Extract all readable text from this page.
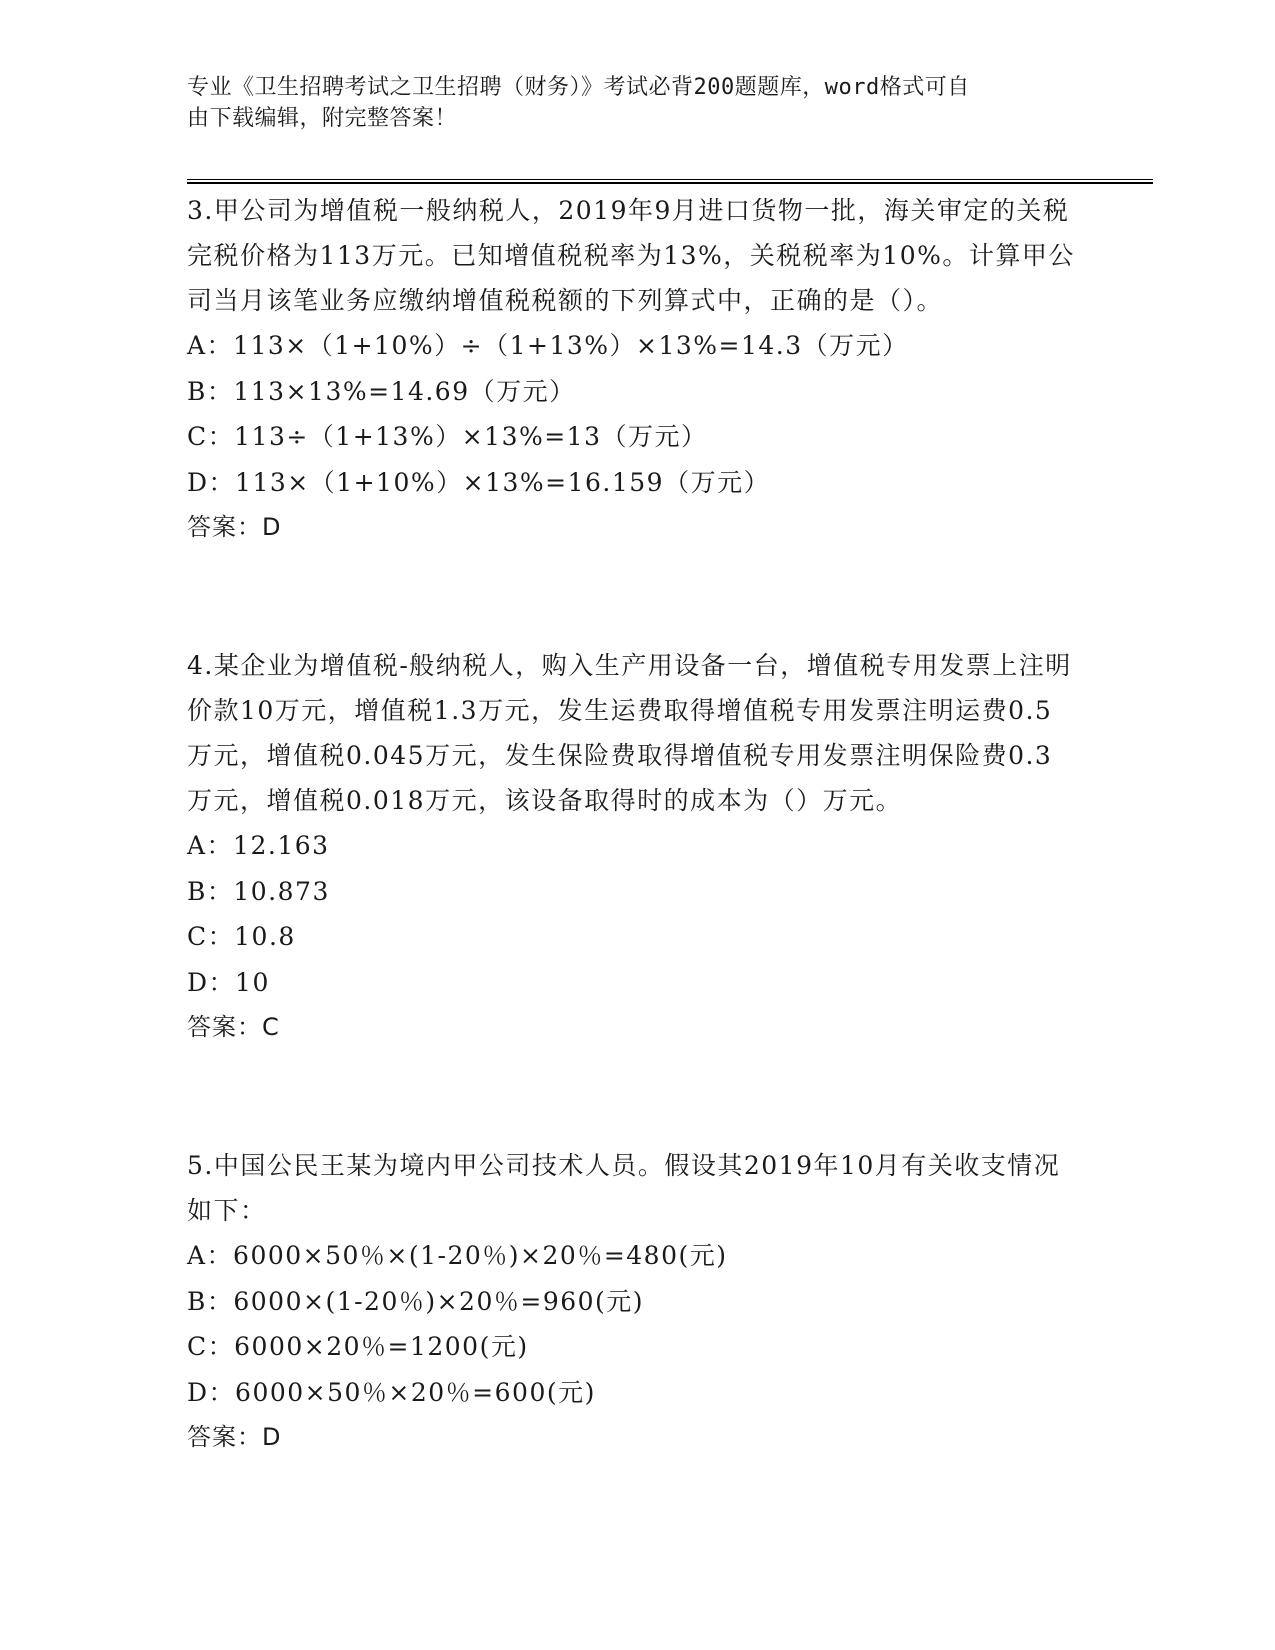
专业《卫生招聘考试之卫生招聘（财务）》考试必背200题题库，word格式可自
由下载编辑，附完整答案！

3.甲公司为增值税一般纳税人，2019年9月进口货物一批，海关审定的关税完税价格为113万元。已知增值税税率为13%，关税税率为10%。计算甲公司当月该笔业务应缴纳增值税税额的下列算式中，正确的是（）。

A：113×（1+10%）÷（1+13%）×13%=14.3（万元）

B：113×13%=14.69（万元）

C：113÷（1+13%）×13%=13（万元）

D：113×（1+10%）×13%=16.159（万元）

答案：D

4.某企业为增值税-般纳税人，购入生产用设备一台，增值税专用发票上注明价款10万元，增值税1.3万元，发生运费取得增值税专用发票注明运费0.5万元，增值税0.045万元，发生保险费取得增值税专用发票注明保险费0.3万元，增值税0.018万元，该设备取得时的成本为（）万元。

A：12.163

B：10.873

C：10.8

D：10

答案：C

5.中国公民王某为境内甲公司技术人员。假设其2019年10月有关收支情况如下：

A：6000×50％×(1-20％)×20％=480(元)

B：6000×(1-20％)×20％=960(元)

C：6000×20％=1200(元)

D：6000×50％×20％=600(元)

答案：D
